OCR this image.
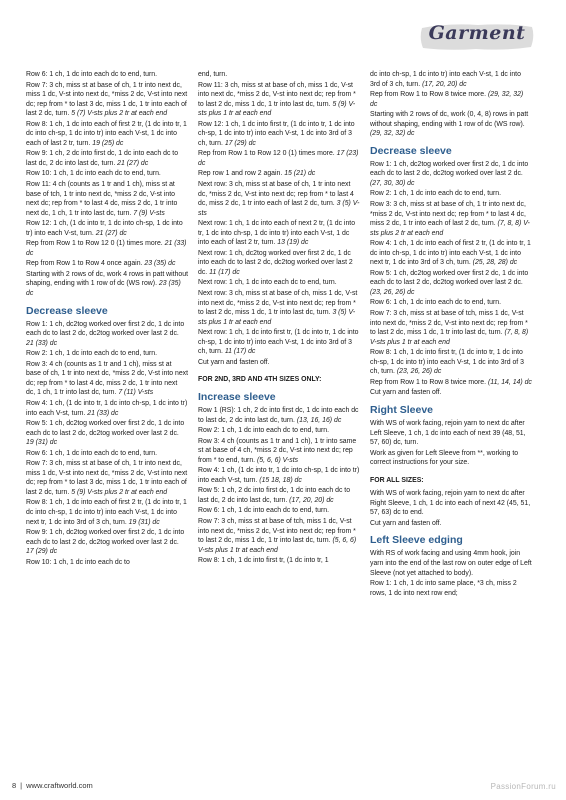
Garment

Row 6: 1 ch, 1 dc into each dc to end, turn.

Row 7: 3 ch, miss st at base of ch, 1 tr into next dc, miss 1 dc, V-st into next dc, *miss 2 dc, V-st into next dc; rep from * to last 3 dc, miss 1 dc, 1 tr into each of last 2 dc, turn. 5 (7) V-sts plus 2 tr at each end

Row 8: 1 ch, 1 dc into each of first 2 tr, (1 dc into tr, 1 dc into ch-sp, 1 dc into tr) into each V-st, 1 dc into each of last 2 tr, turn. 19 (25) dc

Row 9: 1 ch, 2 dc into first dc, 1 dc into each dc to last dc, 2 dc into last dc, turn. 21 (27) dc

Row 10: 1 ch, 1 dc into each dc to end, turn.

Row 11: 4 ch (counts as 1 tr and 1 ch), miss st at base of tch, 1 tr into next dc, *miss 2 dc, V-st into next dc; rep from * to last 4 dc, miss 2 dc, 1 tr into next dc, 1 ch, 1 tr into last dc, turn. 7 (9) V-sts

Row 12: 1 ch, (1 dc into tr, 1 dc into ch-sp, 1 dc into tr) into each V-st, turn. 21 (27) dc

Rep from Row 1 to Row 12 0 (1) times more. 21 (33) dc

Rep from Row 1 to Row 4 once again. 23 (35) dc

Starting with 2 rows of dc, work 4 rows in patt without shaping, ending with 1 row of dc (WS row). 23 (35) dc

Decrease sleeve

Row 1: 1 ch, dc2tog worked over first 2 dc, 1 dc into each dc to last 2 dc, dc2tog worked over last 2 dc. 21 (33) dc

Row 2: 1 ch, 1 dc into each dc to end, turn.

Row 3: 4 ch (counts as 1 tr and 1 ch), miss st at base of ch, 1 tr into next dc, *miss 2 dc, V-st into next dc; rep from * to last 4 dc, miss 2 dc, 1 tr into next dc, 1 ch, 1 tr into last dc, turn. 7 (11) V-sts

Row 4: 1 ch, (1 dc into tr, 1 dc into ch-sp, 1 dc into tr) into each V-st, turn. 21 (33) dc

Row 5: 1 ch, dc2tog worked over first 2 dc, 1 dc into each dc to last 2 dc, dc2tog worked over last 2 dc. 19 (31) dc

Row 6: 1 ch, 1 dc into each dc to end, turn.

Row 7: 3 ch, miss st at base of ch, 1 tr into next dc, miss 1 dc, V-st into next dc, *miss 2 dc, V-st into next dc; rep from * to last 3 dc, miss 1 dc, 1 tr into each of last 2 dc, turn. 5 (9) V-sts plus 2 tr at each end

Row 8: 1 ch, 1 dc into each of first 2 tr, (1 dc into tr, 1 dc into ch-sp, 1 dc into tr) into each V-st, 1 dc into next tr, 1 dc into 3rd of 3 ch, turn. 19 (31) dc

Row 9: 1 ch, dc2tog worked over first 2 dc, 1 dc into each dc to last 2 dc, dc2tog worked over last 2 dc. 17 (29) dc

Row 10: 1 ch, 1 dc into each dc to

end, turn.

Row 11: 3 ch, miss st at base of ch, miss 1 dc, V-st into next dc, *miss 2 dc, V-st into next dc; rep from * to last 2 dc, miss 1 dc, 1 tr into last dc, turn. 5 (9) V-sts plus 1 tr at each end

Row 12: 1 ch, 1 dc into first tr, (1 dc into tr, 1 dc into ch-sp, 1 dc into tr) into each V-st, 1 dc into 3rd of 3 ch, turn. 17 (29) dc

Rep from Row 1 to Row 12 0 (1) times more. 17 (23) dc

Rep row 1 and row 2 again. 15 (21) dc

Next row: 3 ch, miss st at base of ch, 1 tr into next dc, *miss 2 dc, V-st into next dc; rep from * to last 4 dc, miss 2 dc, 1 tr into each of last 2 dc, turn. 3 (5) V-sts

Next row: 1 ch, 1 dc into each of next 2 tr, (1 dc into tr, 1 dc into ch-sp, 1 dc into tr) into each V-st, 1 dc into each of last 2 tr, turn. 13 (19) dc

Next row: 1 ch, dc2tog worked over first 2 dc, 1 dc into each dc to last 2 dc, dc2tog worked over last 2 dc. 11 (17) dc

Next row: 1 ch, 1 dc into each dc to end, turn.

Next row: 3 ch, miss st at base of ch, miss 1 dc, V-st into next dc, *miss 2 dc, V-st into next dc; rep from * to last 2 dc, miss 1 dc, 1 tr into last dc, turn. 3 (5) V-sts plus 1 tr at each end

Next row: 1 ch, 1 dc into first tr, (1 dc into tr, 1 dc into ch-sp, 1 dc into tr) into each V-st, 1 dc into 3rd of 3 ch, turn. 11 (17) dc

Cut yarn and fasten off.

FOR 2ND, 3RD AND 4TH SIZES ONLY:
Increase sleeve

Row 1 (RS): 1 ch, 2 dc into first dc, 1 dc into each dc to last dc, 2 dc into last dc, turn. (13, 16, 16) dc

Row 2: 1 ch, 1 dc into each dc to end, turn.

Row 3: 4 ch (counts as 1 tr and 1 ch), 1 tr into same st at base of 4 ch, *miss 2 dc, V-st into next dc; rep from * to end, turn. (5, 6, 6) V-sts

Row 4: 1 ch, (1 dc into tr, 1 dc into ch-sp, 1 dc into tr) into each V-st, turn. (15 18, 18) dc

Row 5: 1 ch, 2 dc into first dc, 1 dc into each dc to last dc, 2 dc into last dc, turn. (17, 20, 20) dc

Row 6: 1 ch, 1 dc into each dc to end, turn.

Row 7: 3 ch, miss st at base of tch, miss 1 dc, V-st into next dc, *miss 2 dc, V-st into next dc; rep from * to last 2 dc, miss 1 dc, 1 tr into last dc, turn. (5, 6, 6) V-sts plus 1 tr at each end

Row 8: 1 ch, 1 dc into first tr, (1 dc into tr, 1

dc into ch-sp, 1 dc into tr) into each V-st, 1 dc into 3rd of 3 ch, turn. (17, 20, 20) dc

Rep from Row 1 to Row 8 twice more. (29, 32, 32) dc

Starting with 2 rows of dc, work (0, 4, 8) rows in patt without shaping, ending with 1 row of dc (WS row). (29, 32, 32) dc

Decrease sleeve

Row 1: 1 ch, dc2tog worked over first 2 dc, 1 dc into each dc to last 2 dc, dc2tog worked over last 2 dc. (27, 30, 30) dc

Row 2: 1 ch, 1 dc into each dc to end, turn.

Row 3: 3 ch, miss st at base of ch, 1 tr into next dc, *miss 2 dc, V-st into next dc; rep from * to last 4 dc, miss 2 dc, 1 tr into each of last 2 dc, turn. (7, 8, 8) V-sts plus 2 tr at each end

Row 4: 1 ch, 1 dc into each of first 2 tr, (1 dc into tr, 1 dc into ch-sp, 1 dc into tr) into each V-st, 1 dc into next tr, 1 dc into 3rd of 3 ch, turn. (25, 28, 28) dc

Row 5: 1 ch, dc2tog worked over first 2 dc, 1 dc into each dc to last 2 dc, dc2tog worked over last 2 dc. (23, 26, 26) dc

Row 6: 1 ch, 1 dc into each dc to end, turn.

Row 7: 3 ch, miss st at base of tch, miss 1 dc, V-st into next dc, *miss 2 dc, V-st into next dc; rep from * to last 2 dc, miss 1 dc, 1 tr into last dc, turn. (7, 8, 8) V-sts plus 1 tr at each end

Row 8: 1 ch, 1 dc into first tr, (1 dc into tr, 1 dc into ch-sp, 1 dc into tr) into each V-st, 1 dc into 3rd of 3 ch, turn. (23, 26, 26) dc

Rep from Row 1 to Row 8 twice more. (11, 14, 14) dc

Cut yarn and fasten off.

Right Sleeve

With WS of work facing, rejoin yarn to next dc after Left Sleeve, 1 ch, 1 dc into each of next 39 (48, 51, 57, 60) dc, turn.

Work as given for Left Sleeve from **, working to correct instructions for your size.

FOR ALL SIZES:

With WS of work facing, rejoin yarn to next dc after Right Sleeve, 1 ch, 1 dc into each of next 42 (45, 51, 57, 63) dc to end.

Cut yarn and fasten off.

Left Sleeve edging

With RS of work facing and using 4mm hook, join yarn into the end of the last row on outer edge of Left Sleeve (not yet attached to body).

Row 1: 1 ch, 1 dc into same place, *3 ch, miss 2 rows, 1 dc into next row end;

8 | www.craftworld.com	PassionForum.ru
